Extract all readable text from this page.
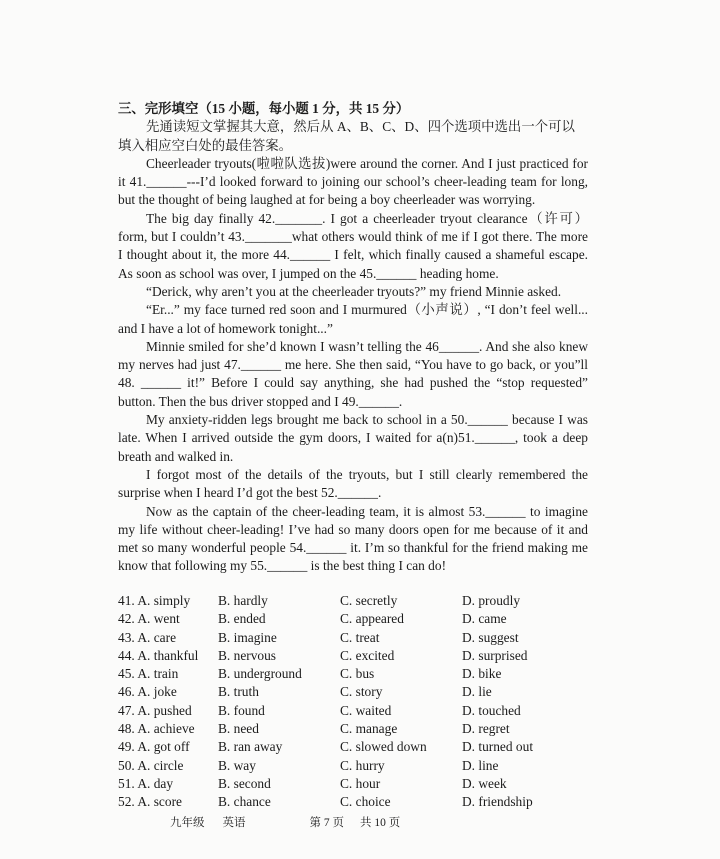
三、完形填空（15 小题，每小题 1 分，共 15 分）

先通读短文掌握其大意，然后从 A、B、C、D、四个选项中选出一个可以填入相应空白处的最佳答案。

Cheerleader tryouts(啦啦队选拔)were around the corner. And I just practiced for it 41.______---I’d looked forward to joining our school’s cheer-leading team for long, but the thought of being laughed at for being a boy cheerleader was worrying.

The big day finally 42._______. I got a cheerleader tryout clearance（许可）form, but I couldn’t 43._______what others would think of me if I got there. The more I thought about it, the more 44.______ I felt, which finally caused a shameful escape. As soon as school was over, I jumped on the 45.______ heading home.

“Derick, why aren’t you at the cheerleader tryouts?” my friend Minnie asked.

“Er...” my face turned red soon and I murmured（小声说）, “I don’t feel well... and I have a lot of homework tonight...”

Minnie smiled for she’d known I wasn’t telling the 46______. And she also knew my nerves had just 47.______ me here. She then said, “You have to go back, or you”ll 48. ______ it!” Before I could say anything, she had pushed the “stop requested” button. Then the bus driver stopped and I 49.______.

My anxiety-ridden legs brought me back to school in a 50.______ because I was late. When I arrived outside the gym doors, I waited for a(n)51.______, took a deep breath and walked in.

I forgot most of the details of the tryouts, but I still clearly remembered the surprise when I heard I’d got the best 52.______.

Now as the captain of the cheer-leading team, it is almost 53.______ to imagine my life without cheer-leading! I’ve had so many doors open for me because of it and met so many wonderful people 54.______ it. I’m so thankful for the friend making me know that following my 55.______ is the best thing I can do!

41. A. simply	B. hardly	C. secretly	D. proudly
42. A. went	B. ended	C. appeared	D. came
43. A. care	B. imagine	C. treat	D. suggest
44. A. thankful	B. nervous	C. excited	D. surprised
45. A. train	B. underground	C. bus	D. bike
46. A. joke	B. truth	C. story	D. lie
47. A. pushed	B. found	C. waited	D. touched
48. A. achieve	B. need	C. manage	D. regret
49. A. got off	B. ran away	C. slowed down	D. turned out
50. A. circle	B. way	C. hurry	D. line
51. A. day	B. second	C. hour	D. week
52. A. score	B. chance	C. choice	D. friendship
九年级 英语	第 7 页 共 10 页
